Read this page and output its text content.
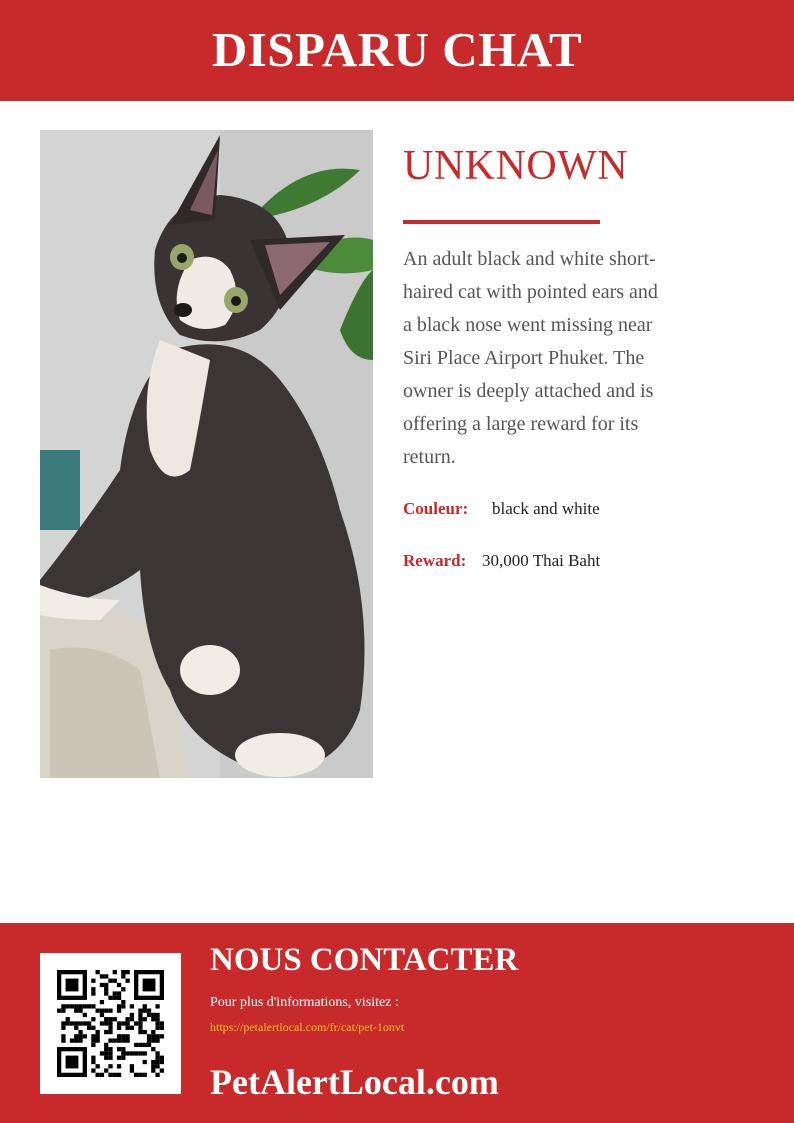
DISPARU CHAT
UNKNOWN
An adult black and white short-haired cat with pointed ears and a black nose went missing near Siri Place Airport Phuket. The owner is deeply attached and is offering a large reward for its return.
Couleur: black and white
Reward: 30,000 Thai Baht
NOUS CONTACTER
Pour plus d'informations, visitez :
https://petalertlocal.com/fr/cat/pet-1onvt
PetAlertLocal.com
